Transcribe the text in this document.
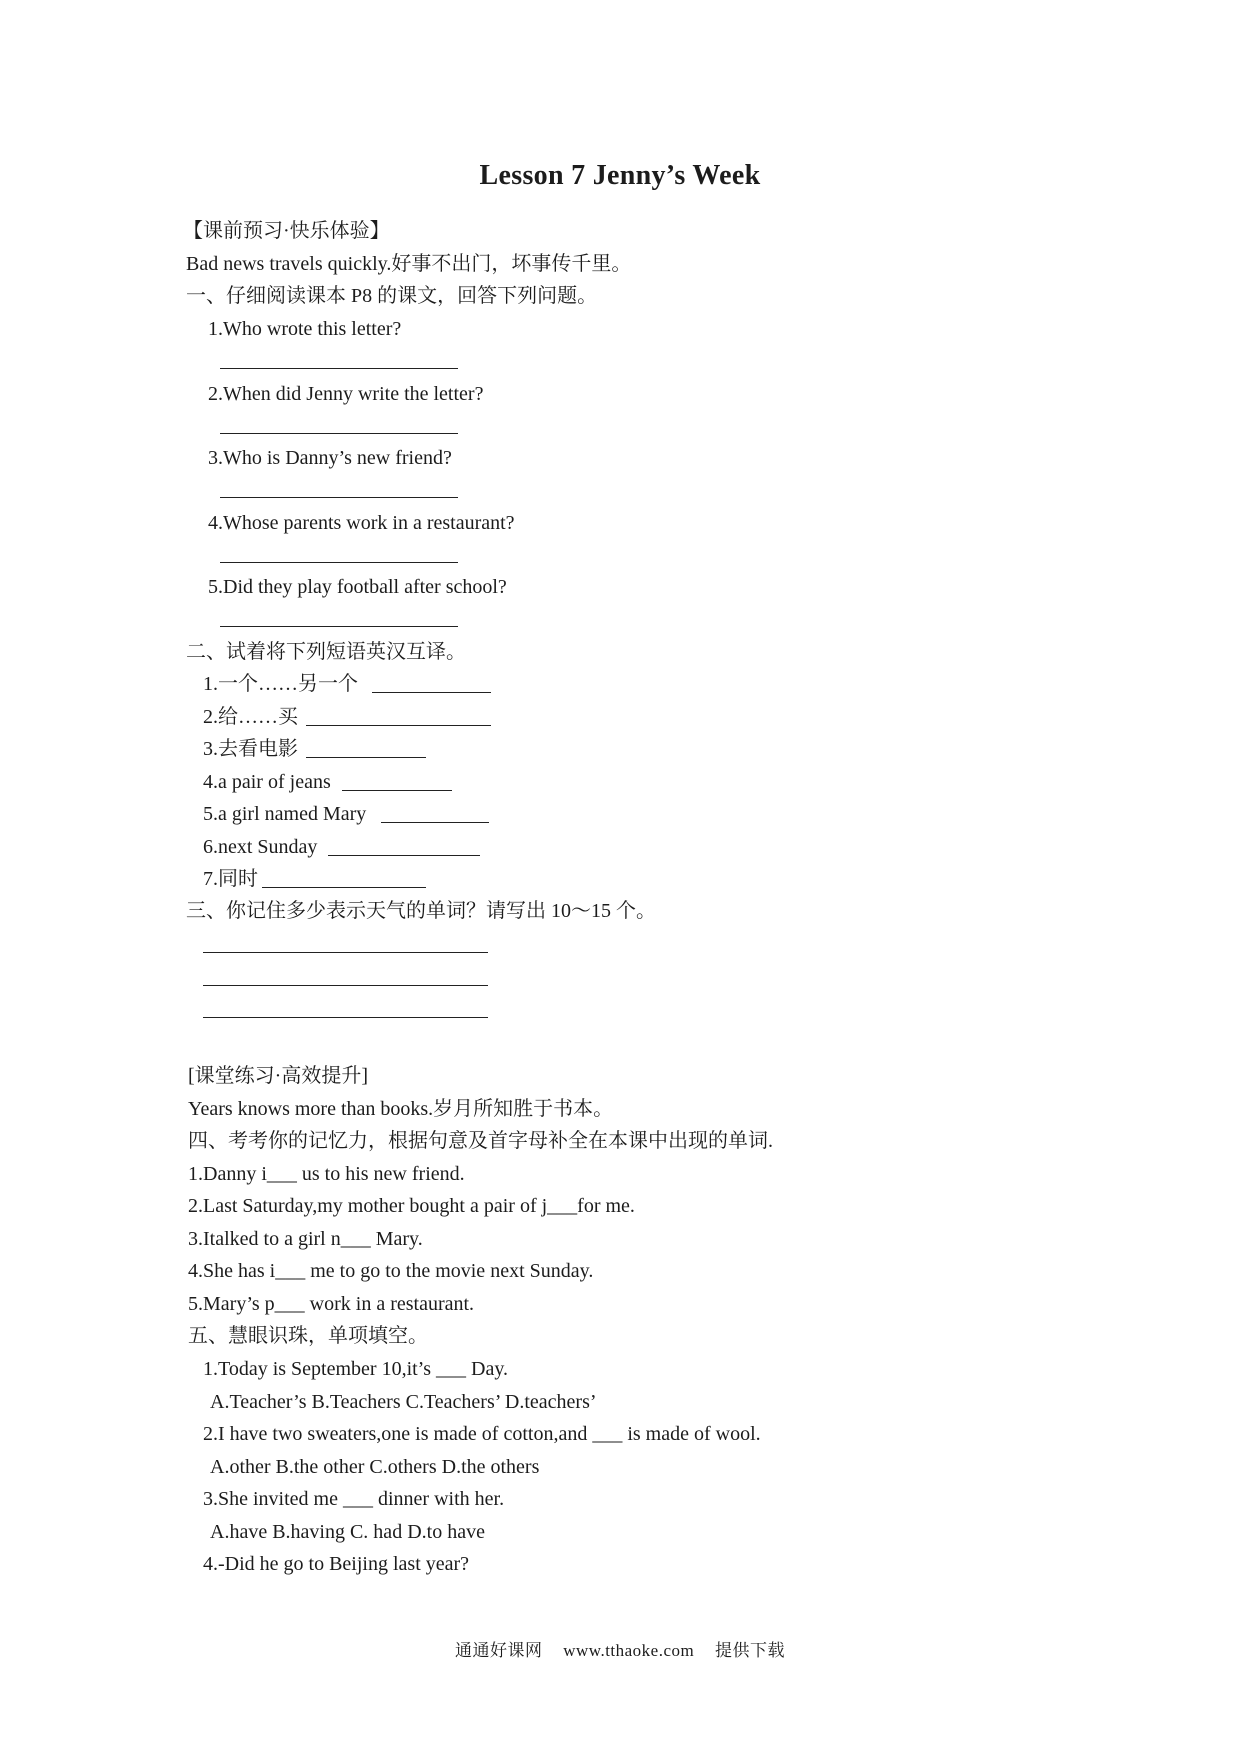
Lesson 7 Jenny’s Week
【课前预习·快乐体验】
Bad news travels quickly.好事不出门，坏事传千里。
一、仔细阅读课本 P8 的课文，回答下列问题。
1.Who wrote this letter?
2.When did Jenny write the letter?
3.Who is Danny’s new friend?
4.Whose parents work in a restaurant?
5.Did they play football after school?
二、试着将下列短语英汉互译。
1.一个……另一个
2.给……买
3.去看电影
4.a pair of jeans
5.a girl named Mary
6.next Sunday
7.同时
三、你记住多少表示天气的单词？请写出 10～15 个。
[课堂练习·高效提升]
Years knows more than books.岁月所知胜于书本。
四、考考你的记忆力，根据句意及首字母补全在本课中出现的单词.
1.Danny i___ us to his new friend.
2.Last Saturday,my mother bought a pair of j___for me.
3.Italked to a girl n___ Mary.
4.She has i___ me to go to the movie next Sunday.
5.Mary’s p___ work in a restaurant.
五、慧眼识珠，单项填空。
1.Today is September 10,it’s ___ Day.
A.Teacher’s B.Teachers C.Teachers’ D.teachers’
2.I have two sweaters,one is made of cotton,and ___ is made of wool.
A.other B.the other C.others D.the others
3.She invited me ___ dinner with her.
A.have B.having C. had D.to have
4.-Did he go to Beijing last year?
通通好课网 www.tthaoke.com 提供下载
